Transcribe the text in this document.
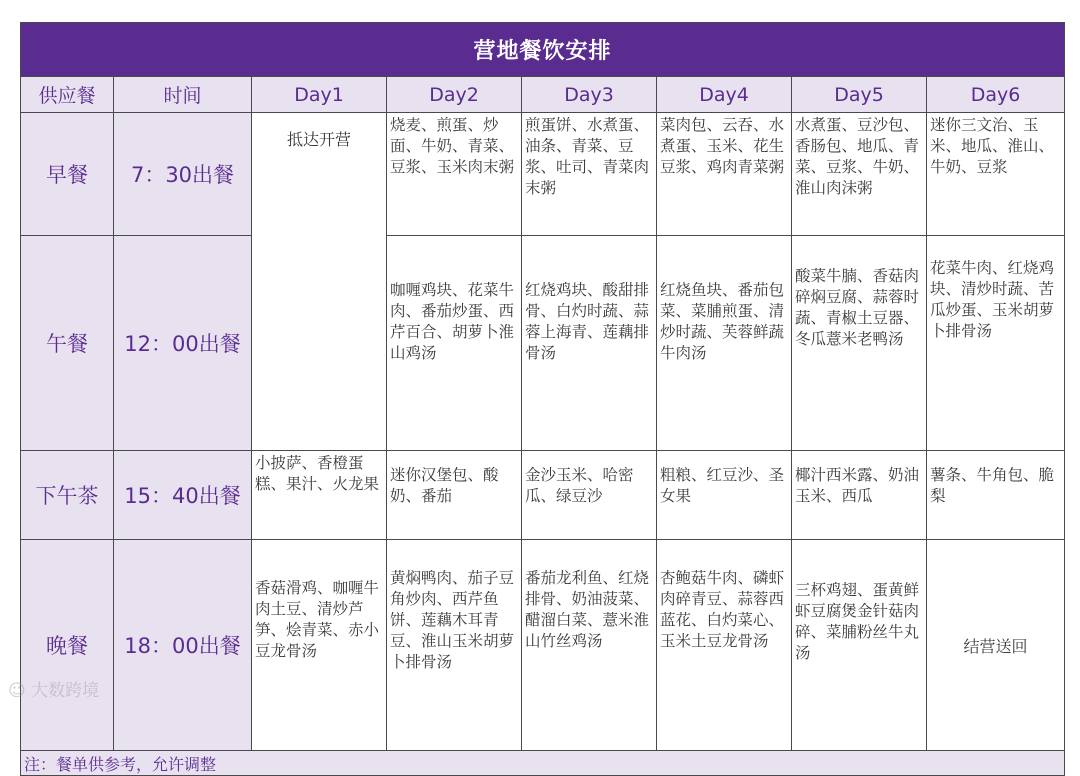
营地餐饮安排							
供应餐	时间	Day1	Day2	Day3	Day4	Day5	Day6
早餐	7：30出餐	抵达开营	烧麦、煎蛋、炒面、牛奶、青菜、豆浆、玉米肉末粥	煎蛋饼、水煮蛋、油条、青菜、豆浆、吐司、青菜肉末粥	菜肉包、云吞、水煮蛋、玉米、花生豆浆、鸡肉青菜粥	水煮蛋、豆沙包、香肠包、地瓜、青菜、豆浆、牛奶、淮山肉沫粥	迷你三文治、玉米、地瓜、淮山、牛奶、豆浆
午餐	12：00出餐		咖喱鸡块、花菜牛肉、番茄炒蛋、西芹百合、胡萝卜淮山鸡汤	红烧鸡块、酸甜排骨、白灼时蔬、蒜蓉上海青、莲藕排骨汤	红烧鱼块、番茄包菜、菜脯煎蛋、清炒时蔬、芙蓉鲜蔬牛肉汤	酸菜牛腩、香菇肉碎焖豆腐、蒜蓉时蔬、青椒土豆器、冬瓜薏米老鸭汤	花菜牛肉、红烧鸡块、清炒时蔬、苦瓜炒蛋、玉米胡萝卜排骨汤
下午茶	15：40出餐	小披萨、香橙蛋糕、果汁、火龙果	迷你汉堡包、酸奶、番茄	金沙玉米、哈密瓜、绿豆沙	粗粮、红豆沙、圣女果	椰汁西米露、奶油玉米、西瓜	薯条、牛角包、脆梨
晚餐	18：00出餐	香菇滑鸡、咖喱牛肉土豆、清炒芦笋、烩青菜、赤小豆龙骨汤	黄焖鸭肉、茄子豆角炒肉、西芹鱼饼、莲藕木耳青豆、淮山玉米胡萝卜排骨汤	番茄龙利鱼、红烧排骨、奶油菠菜、醋溜白菜、薏米淮山竹丝鸡汤	杏鲍菇牛肉、磷虾肉碎青豆、蒜蓉西蓝花、白灼菜心、玉米土豆龙骨汤	三杯鸡翅、蛋黄鲜虾豆腐煲金针菇肉碎、菜脯粉丝牛丸汤	结营送回
注：餐单供参考，允许调整							
☺ 大数跨境
